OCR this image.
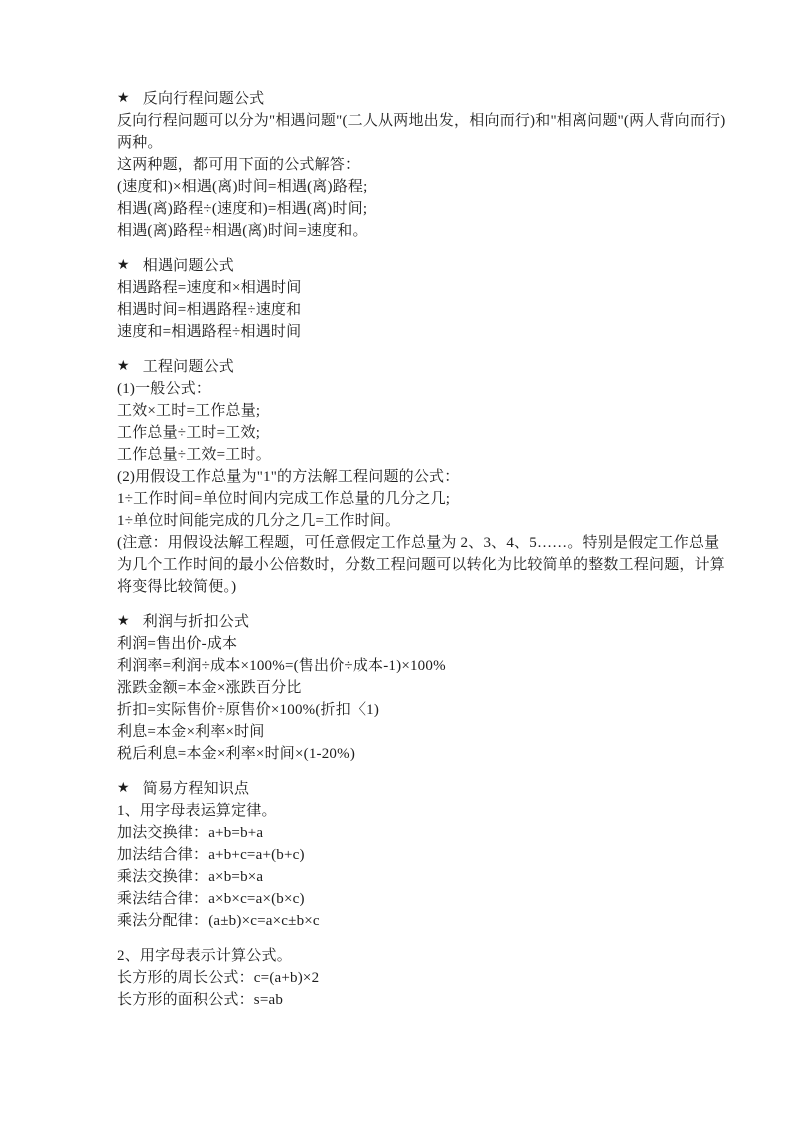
★ 反向行程问题公式
反向行程问题可以分为"相遇问题"(二人从两地出发，相向而行)和"相离问题"(两人背向而行)
两种。
这两种题，都可用下面的公式解答：
(速度和)×相遇(离)时间=相遇(离)路程;
相遇(离)路程÷(速度和)=相遇(离)时间;
相遇(离)路程÷相遇(离)时间=速度和。
★ 相遇问题公式
相遇路程=速度和×相遇时间
相遇时间=相遇路程÷速度和
速度和=相遇路程÷相遇时间
★ 工程问题公式
(1)一般公式：
工效×工时=工作总量;
工作总量÷工时=工效;
工作总量÷工效=工时。
(2)用假设工作总量为"1"的方法解工程问题的公式：
1÷工作时间=单位时间内完成工作总量的几分之几;
1÷单位时间能完成的几分之几=工作时间。
(注意：用假设法解工程题，可任意假定工作总量为 2、3、4、5……。特别是假定工作总量
为几个工作时间的最小公倍数时，分数工程问题可以转化为比较简单的整数工程问题，计算
将变得比较简便。)
★ 利润与折扣公式
利润=售出价-成本
利润率=利润÷成本×100%=(售出价÷成本-1)×100%
涨跌金额=本金×涨跌百分比
折扣=实际售价÷原售价×100%(折扣〈1)
利息=本金×利率×时间
税后利息=本金×利率×时间×(1-20%)
★ 简易方程知识点
1、用字母表运算定律。
加法交换律：a+b=b+a
加法结合律：a+b+c=a+(b+c)
乘法交换律：a×b=b×a
乘法结合律：a×b×c=a×(b×c)
乘法分配律：(a±b)×c=a×c±b×c
2、用字母表示计算公式。
长方形的周长公式：c=(a+b)×2
长方形的面积公式：s=ab
